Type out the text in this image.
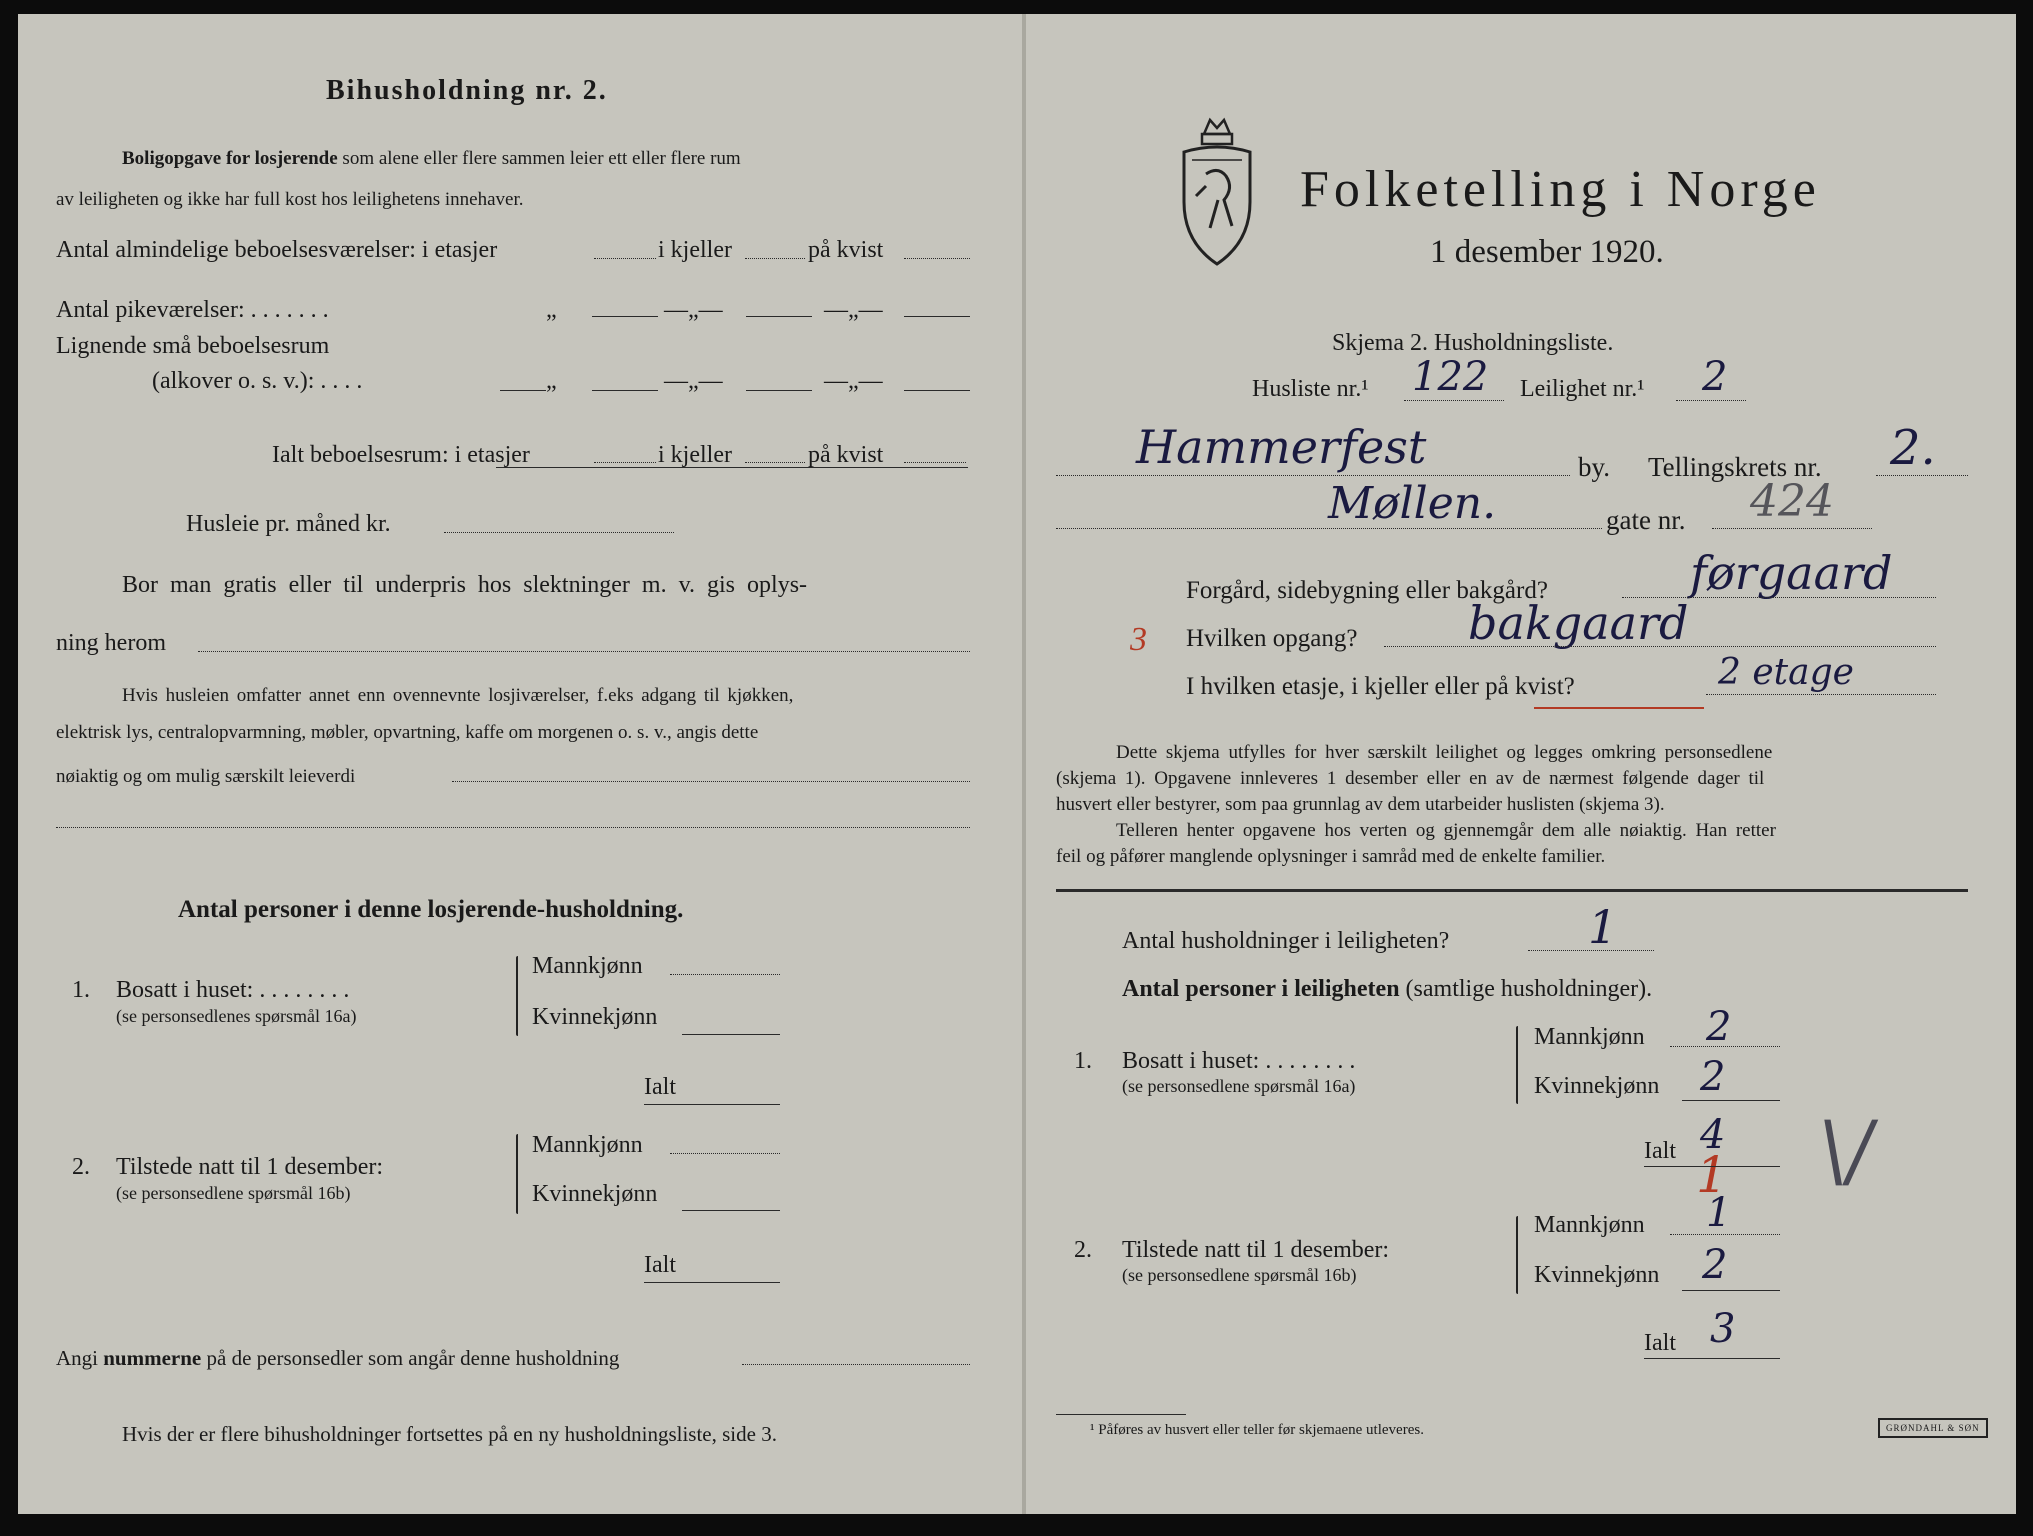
Bihusholdning nr. 2.
Boligopgave for losjerende som alene eller flere sammen leier ett eller flere rum
av leiligheten og ikke har full kost hos leilighetens innehaver.
Antal almindelige beboelsesværelser: i etasjer	i kjeller	på kvist
Antal pikeværelser: . . . . . . .	„	—„—	—„—
Lignende små beboelsesrum
(alkover o. s. v.): . . . .	„	—„—	—„—
Ialt beboelsesrum: i etasjer	i kjeller	på kvist
Husleie pr. måned kr.
Bor man gratis eller til underpris hos slektninger m. v. gis oplys-
ning herom
Hvis husleien omfatter annet enn ovennevnte losjiværelser, f.eks adgang til kjøkken,
elektrisk lys, centralopvarmning, møbler, opvartning, kaffe om morgenen o. s. v., angis dette
nøiaktig og om mulig særskilt leieverdi
Antal personer i denne losjerende-husholdning.
1. Bosatt i huset: . . . . . . . .
(se personsedlenes spørsmål 16a)
Mannkjønn
Kvinnekjønn
Ialt
2. Tilstede natt til 1 desember:
(se personsedlene spørsmål 16b)
Mannkjønn
Kvinnekjønn
Ialt
Angi nummerne på de personsedler som angår denne husholdning
Hvis der er flere bihusholdninger fortsettes på en ny husholdningsliste, side 3.
Folketelling i Norge
1 desember 1920.
Skjema 2. Husholdningsliste.
Husliste nr.¹ 122 Leilighet nr.¹ 2
Hammerfest	by. Tellingskrets nr. 2.
Møllen.	gate nr. 424
Forgård, sidebygning eller bakgård?	førgaard
3 Hvilken opgang? bakgaard
I hvilken etasje, i kjeller eller på kvist?	2 etage
Dette skjema utfylles for hver særskilt leilighet og legges omkring personsedlene
(skjema 1). Opgavene innleveres 1 desember eller en av de nærmest følgende dager til
husvert eller bestyrer, som paa grunnlag av dem utarbeider huslisten (skjema 3).
Telleren henter opgavene hos verten og gjennemgår dem alle nøiaktig. Han retter
feil og påfører manglende oplysninger i samråd med de enkelte familier.
Antal husholdninger i leiligheten?	1
Antal personer i leiligheten (samtlige husholdninger).
1. Bosatt i huset: . . . . . . . .
(se personsedlene spørsmål 16a)
Mannkjønn 2
Kvinnekjønn 2
Ialt 4
1 \/
2. Tilstede natt til 1 desember:
(se personsedlene spørsmål 16b)
Mannkjønn 1
Kvinnekjønn 2
Ialt 3
¹ Påføres av husvert eller teller før skjemaene utleveres.	GRØNDAHL & SØN
